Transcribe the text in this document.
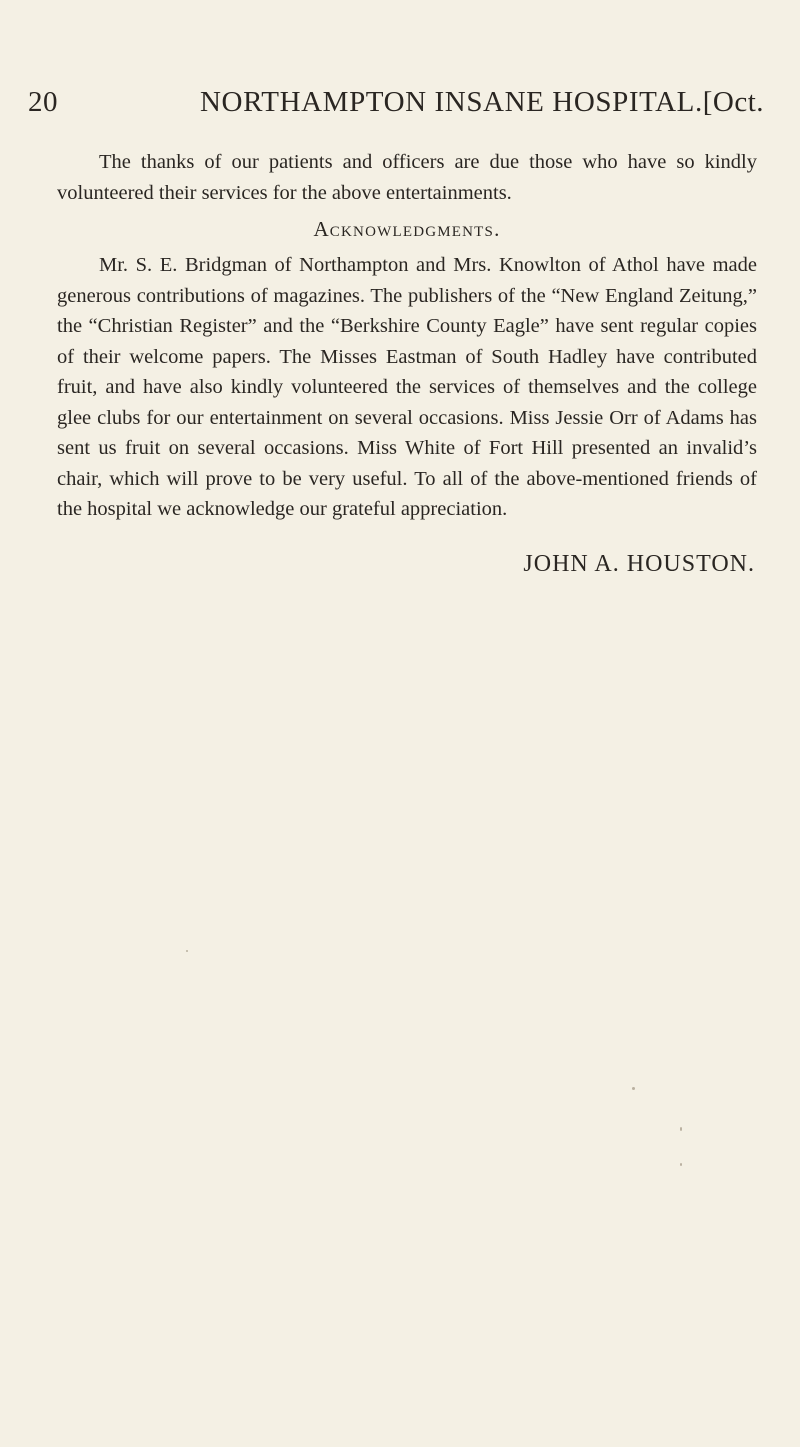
20	NORTHAMPTON INSANE HOSPITAL. [Oct.

The thanks of our patients and officers are due those who have so kindly volunteered their services for the above entertainments.

Acknowledgments.

Mr. S. E. Bridgman of Northampton and Mrs. Knowlton of Athol have made generous contributions of magazines. The publishers of the “New England Zeitung,” the “Christian Register” and the “Berkshire County Eagle” have sent regular copies of their welcome papers. The Misses Eastman of South Hadley have contributed fruit, and have also kindly volunteered the services of themselves and the college glee clubs for our entertainment on several occasions. Miss Jessie Orr of Adams has sent us fruit on several occasions. Miss White of Fort Hill presented an invalid’s chair, which will prove to be very useful. To all of the above-mentioned friends of the hospital we acknowledge our grateful appreciation.

JOHN A. HOUSTON.
